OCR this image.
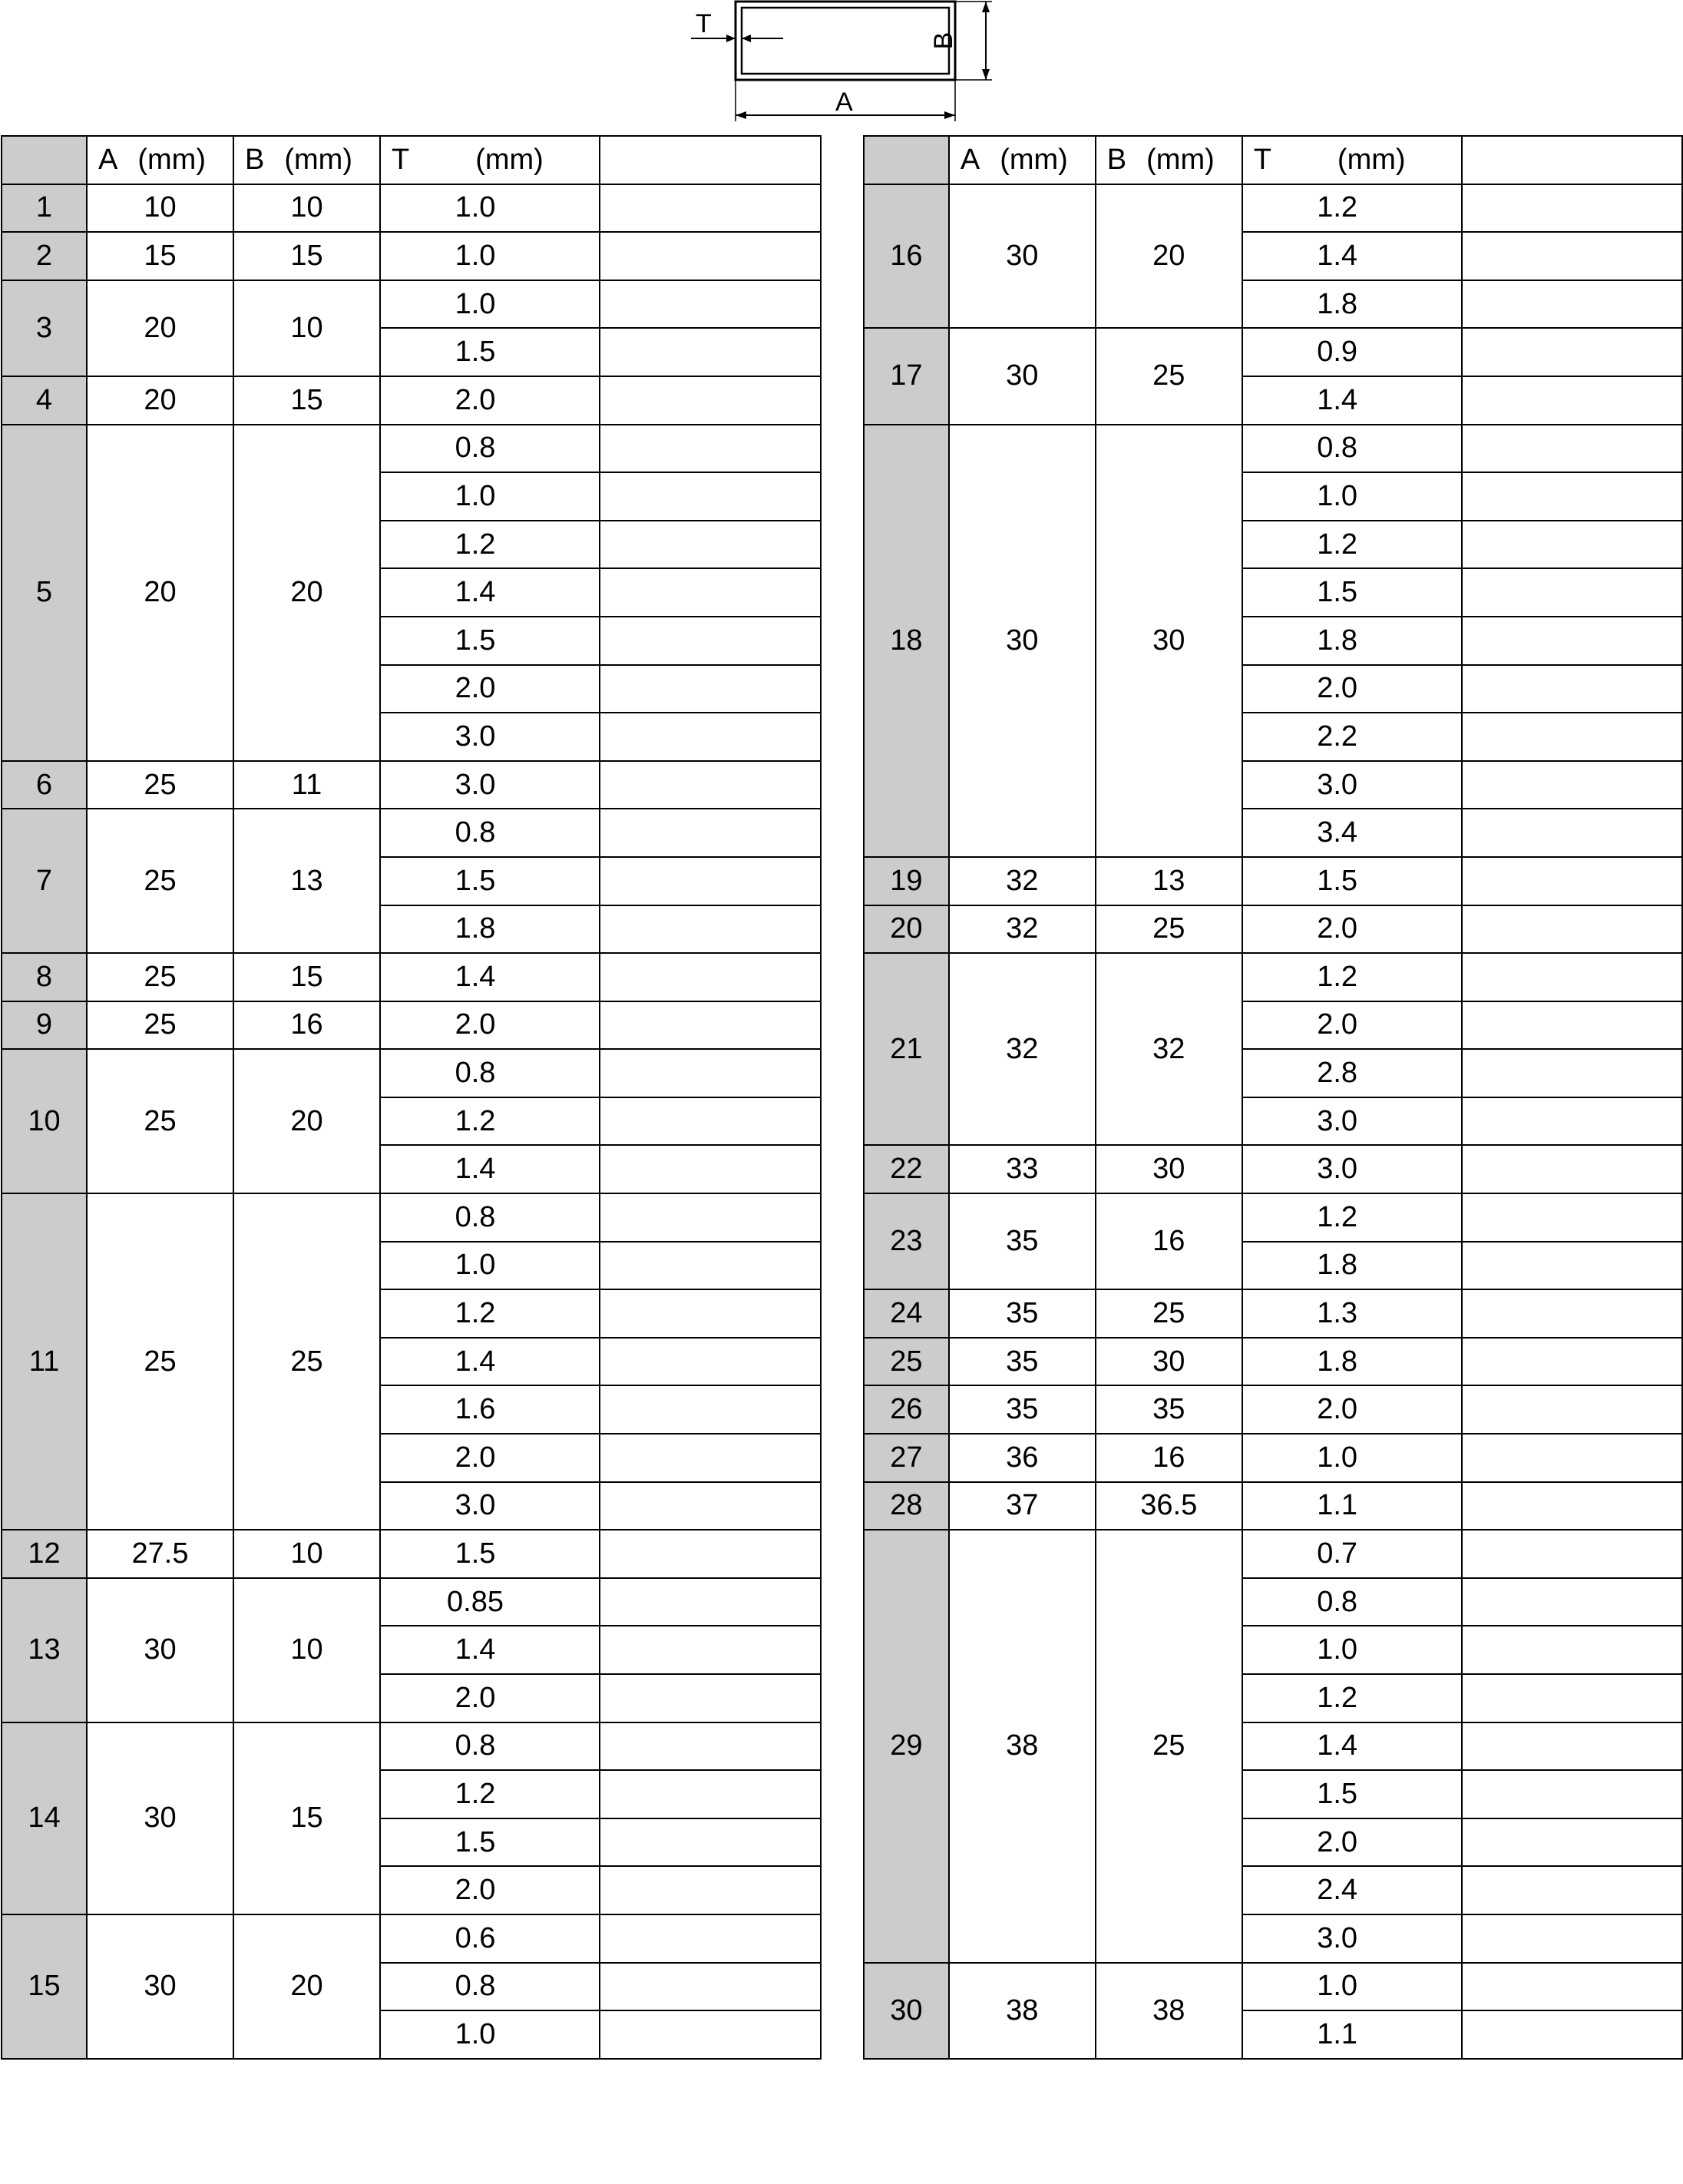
T
A
B
	A (mm)	B (mm)	T (mm)	
1	10	10	1.0	
2	15	15	1.0	
3	20	10	1.0	
			1.5	
4	20	15	2.0	
5	20	20	0.8	
			1.0	
			1.2	
			1.4	
			1.5	
			2.0	
			3.0	
6	25	11	3.0	
7	25	13	0.8	
			1.5	
			1.8	
8	25	15	1.4	
9	25	16	2.0	
10	25	20	0.8	
			1.2	
			1.4	
11	25	25	0.8	
			1.0	
			1.2	
			1.4	
			1.6	
			2.0	
			3.0	
12	27.5	10	1.5	
13	30	10	0.85	
			1.4	
			2.0	
14	30	15	0.8	
			1.2	
			1.5	
			2.0	
15	30	20	0.6	
			0.8	
			1.0	
	A (mm)	B (mm)	T (mm)	
16	30	20	1.2	
			1.4	
			1.8	
17	30	25	0.9	
			1.4	
18	30	30	0.8	
			1.0	
			1.2	
			1.5	
			1.8	
			2.0	
			2.2	
			3.0	
			3.4	
19	32	13	1.5	
20	32	25	2.0	
21	32	32	1.2	
			2.0	
			2.8	
			3.0	
22	33	30	3.0	
23	35	16	1.2	
			1.8	
24	35	25	1.3	
25	35	30	1.8	
26	35	35	2.0	
27	36	16	1.0	
28	37	36.5	1.1	
29	38	25	0.7	
			0.8	
			1.0	
			1.2	
			1.4	
			1.5	
			2.0	
			2.4	
			3.0	
30	38	38	1.0	
			1.1	
